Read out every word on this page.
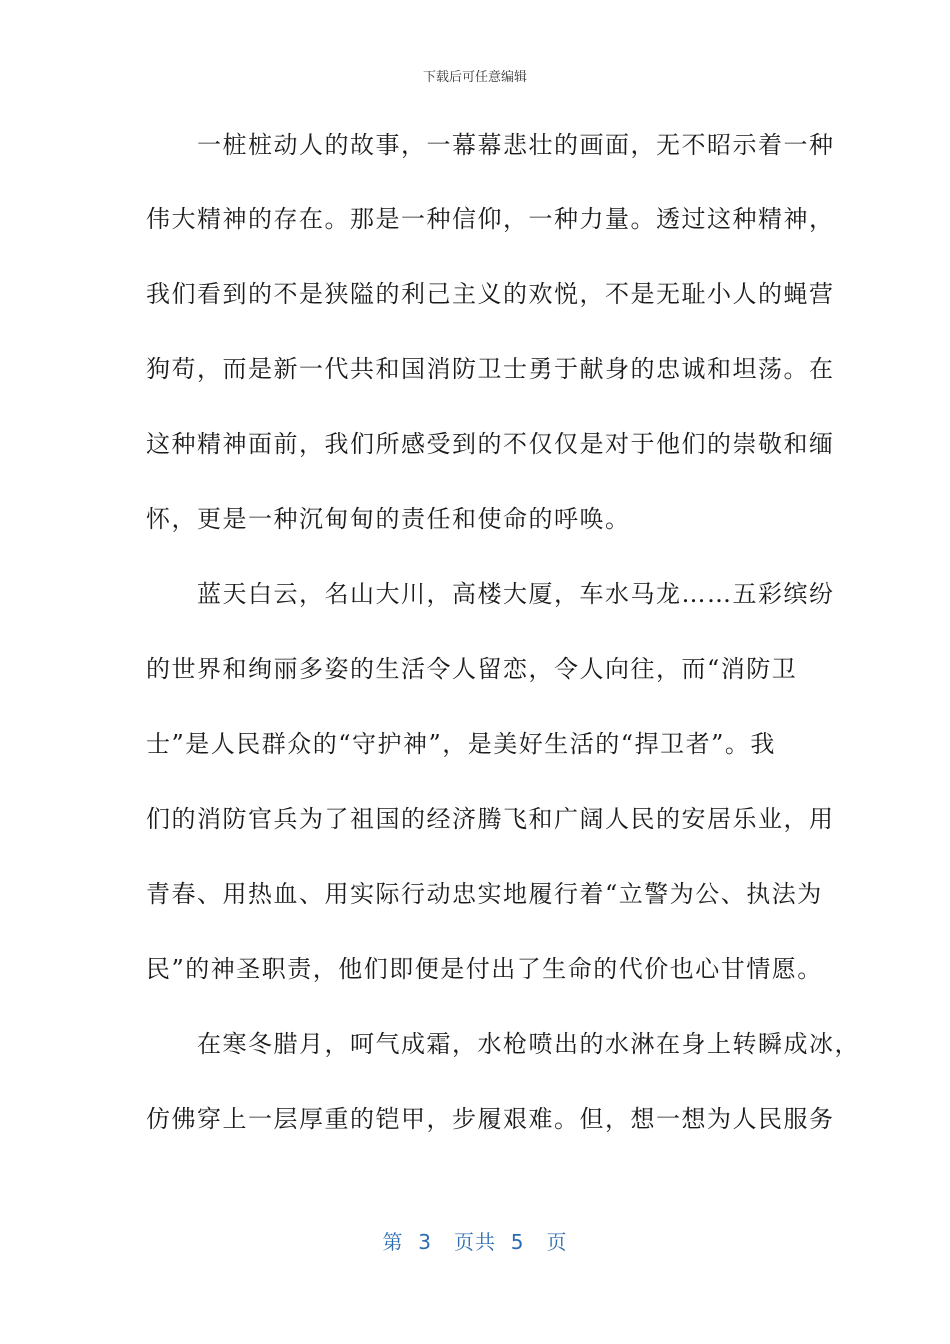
下载后可任意编辑
　　一桩桩动人的故事，一幕幕悲壮的画面，无不昭示着一种
伟大精神的存在。那是一种信仰，一种力量。透过这种精神，
我们看到的不是狭隘的利己主义的欢悦，不是无耻小人的蝇营
狗苟，而是新一代共和国消防卫士勇于献身的忠诚和坦荡。在
这种精神面前，我们所感受到的不仅仅是对于他们的崇敬和缅
怀，更是一种沉甸甸的责任和使命的呼唤。
　　蓝天白云，名山大川，高楼大厦，车水马龙……五彩缤纷
的世界和绚丽多姿的生活令人留恋，令人向往，而“消防卫
士”是人民群众的“守护神”，是美好生活的“捍卫者”。我
们的消防官兵为了祖国的经济腾飞和广阔人民的安居乐业，用
青春、用热血、用实际行动忠实地履行着“立警为公、执法为
民”的神圣职责，他们即便是付出了生命的代价也心甘情愿。
　　在寒冬腊月，呵气成霜，水枪喷出的水淋在身上转瞬成冰，
仿佛穿上一层厚重的铠甲，步履艰难。但，想一想为人民服务
第  3   页共  5   页
